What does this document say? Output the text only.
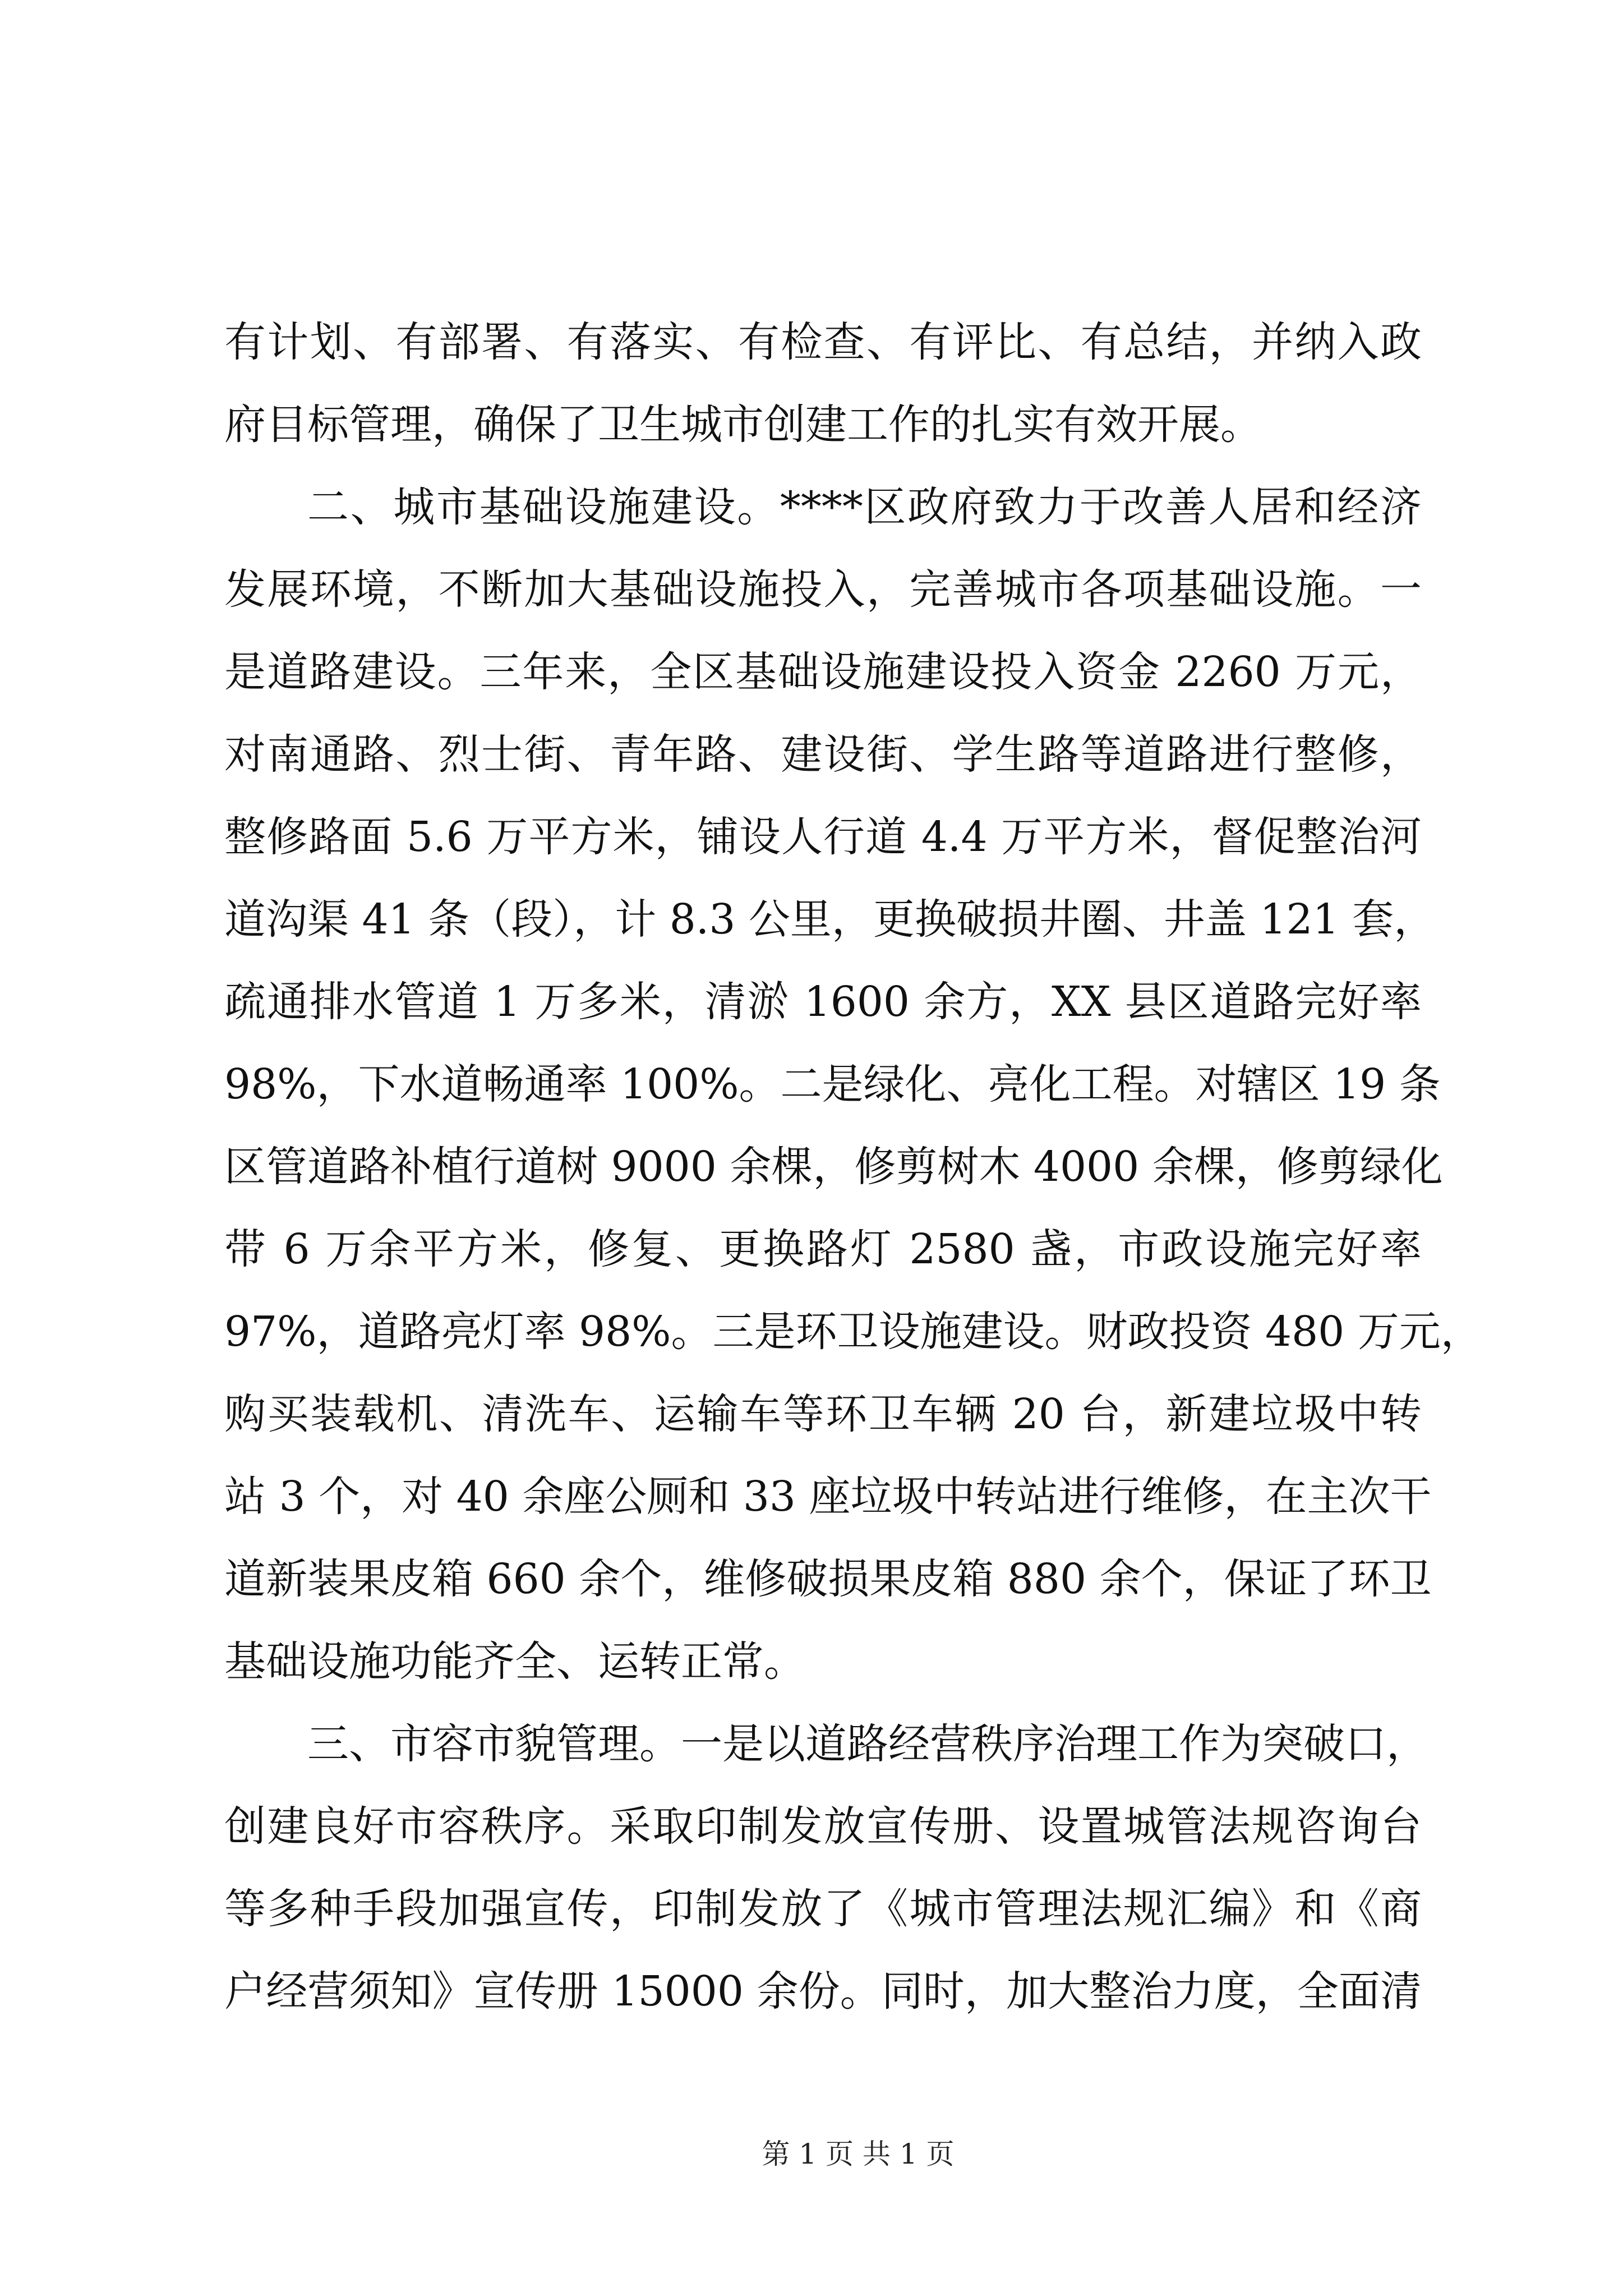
有计划、有部署、有落实、有检查、有评比、有总结，并纳入政
府目标管理，确保了卫生城市创建工作的扎实有效开展。
二、城市基础设施建设。****区政府致力于改善人居和经济
发展环境，不断加大基础设施投入，完善城市各项基础设施。一
是道路建设。三年来，全区基础设施建设投入资金 2260 万元，
对南通路、烈士街、青年路、建设街、学生路等道路进行整修，
整修路面 5.6 万平方米，铺设人行道 4.4 万平方米，督促整治河
道沟渠 41 条（段），计 8.3 公里，更换破损井圈、井盖 121 套，
疏通排水管道 1 万多米，清淤 1600 余方，XX 县区道路完好率
98%，下水道畅通率 100%。二是绿化、亮化工程。对辖区 19 条
区管道路补植行道树 9000 余棵，修剪树木 4000 余棵，修剪绿化
带 6 万余平方米，修复、更换路灯 2580 盏，市政设施完好率
97%，道路亮灯率 98%。三是环卫设施建设。财政投资 480 万元，
购买装载机、清洗车、运输车等环卫车辆 20 台，新建垃圾中转
站 3 个，对 40 余座公厕和 33 座垃圾中转站进行维修，在主次干
道新装果皮箱 660 余个，维修破损果皮箱 880 余个，保证了环卫
基础设施功能齐全、运转正常。
三、市容市貌管理。一是以道路经营秩序治理工作为突破口，
创建良好市容秩序。采取印制发放宣传册、设置城管法规咨询台
等多种手段加强宣传，印制发放了《城市管理法规汇编》和《商
户经营须知》宣传册 15000 余份。同时，加大整治力度，全面清
第 1 页 共 1 页
